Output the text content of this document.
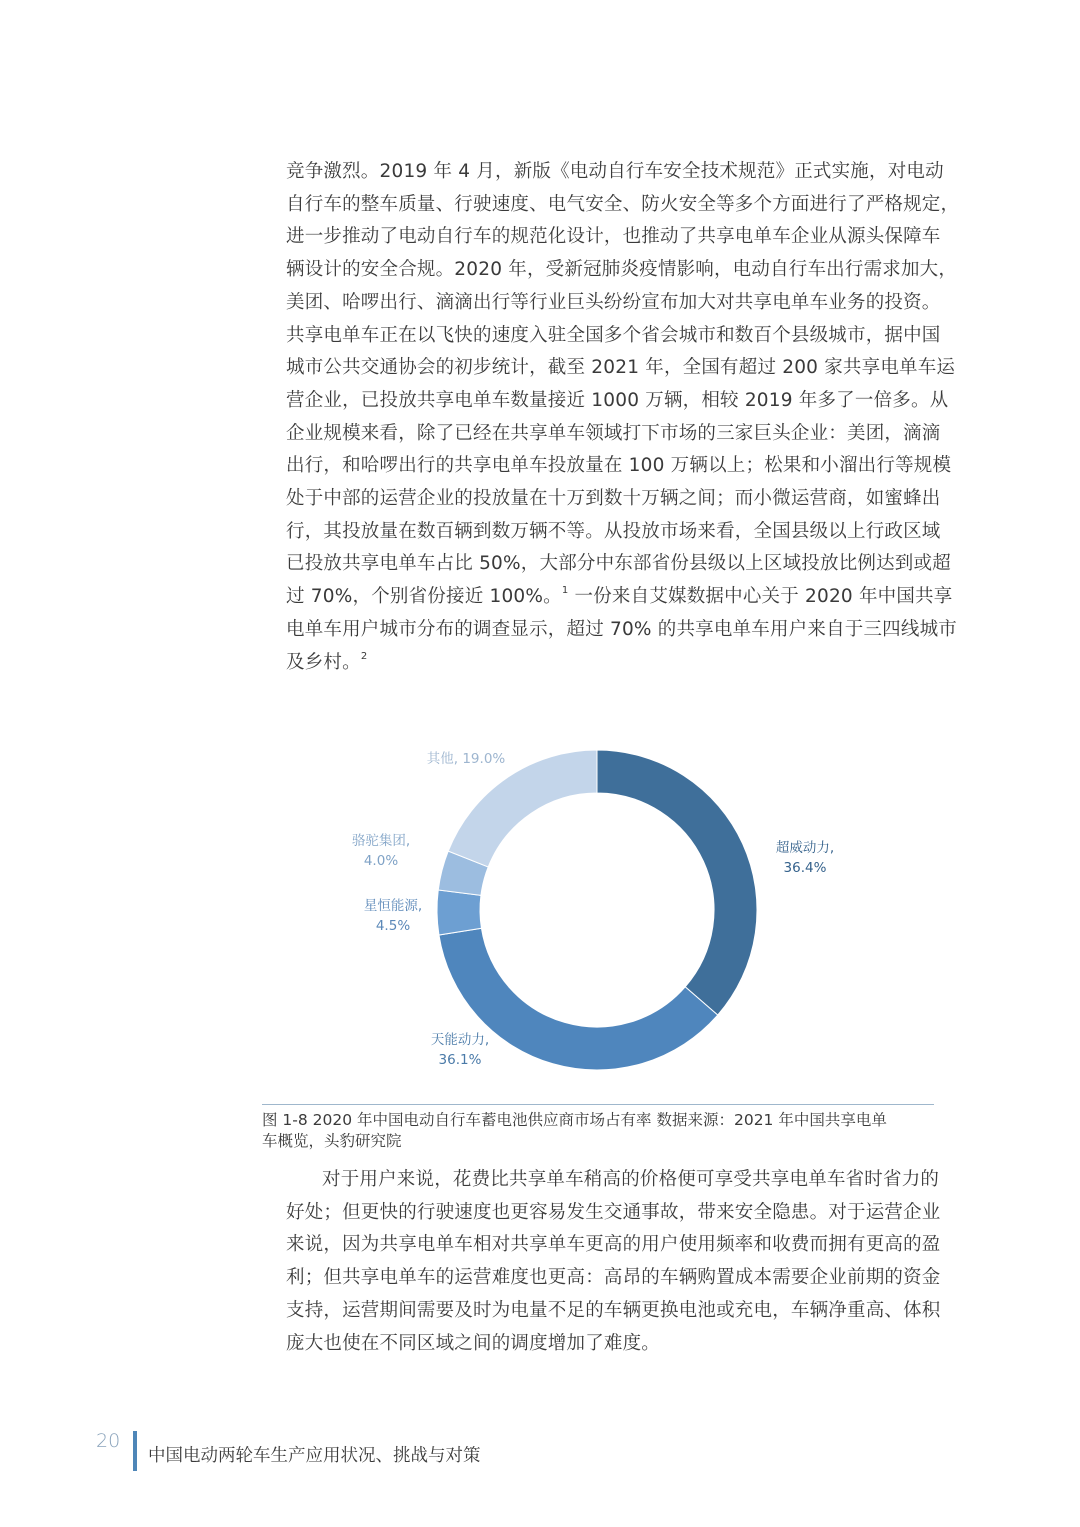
竞争激烈。2019 年 4 月，新版《电动自行车安全技术规范》正式实施，对电动
自行车的整车质量、行驶速度、电气安全、防火安全等多个方面进行了严格规定，
进一步推动了电动自行车的规范化设计，也推动了共享电单车企业从源头保障车
辆设计的安全合规。2020 年，受新冠肺炎疫情影响，电动自行车出行需求加大，
美团、哈啰出行、滴滴出行等行业巨头纷纷宣布加大对共享电单车业务的投资。
共享电单车正在以飞快的速度入驻全国多个省会城市和数百个县级城市，据中国
城市公共交通协会的初步统计，截至 2021 年，全国有超过 200 家共享电单车运
营企业，已投放共享电单车数量接近 1000 万辆，相较 2019 年多了一倍多。从
企业规模来看，除了已经在共享单车领域打下市场的三家巨头企业：美团，滴滴
出行，和哈啰出行的共享电单车投放量在 100 万辆以上；松果和小溜出行等规模
处于中部的运营企业的投放量在十万到数十万辆之间；而小微运营商，如蜜蜂出
行，其投放量在数百辆到数万辆不等。从投放市场来看，全国县级以上行政区域
已投放共享电单车占比 50%，大部分中东部省份县级以上区域投放比例达到或超
过 70%，个别省份接近 100%。$^1$ 一份来自艾媒数据中心关于 2020 年中国共享
电单车用户城市分布的调查显示，超过 70% 的共享电单车用户来自于三四线城市
及乡村。$^2$
超威动力,
36.4%
天能动力,
36.1%
星恒能源,
4.5%
骆驼集团,
4.0%
其他, 19.0%
图 1-8 2020 年中国电动自行车蓄电池供应商市场占有率 数据来源：2021 年中国共享电单
车概览，头豹研究院
对于用户来说，花费比共享单车稍高的价格便可享受共享电单车省时省力的
好处；但更快的行驶速度也更容易发生交通事故，带来安全隐患。对于运营企业
来说，因为共享电单车相对共享单车更高的用户使用频率和收费而拥有更高的盈
利；但共享电单车的运营难度也更高：高昂的车辆购置成本需要企业前期的资金
支持，运营期间需要及时为电量不足的车辆更换电池或充电，车辆净重高、体积
庞大也使在不同区域之间的调度增加了难度。
20
中国电动两轮车生产应用状况、挑战与对策
